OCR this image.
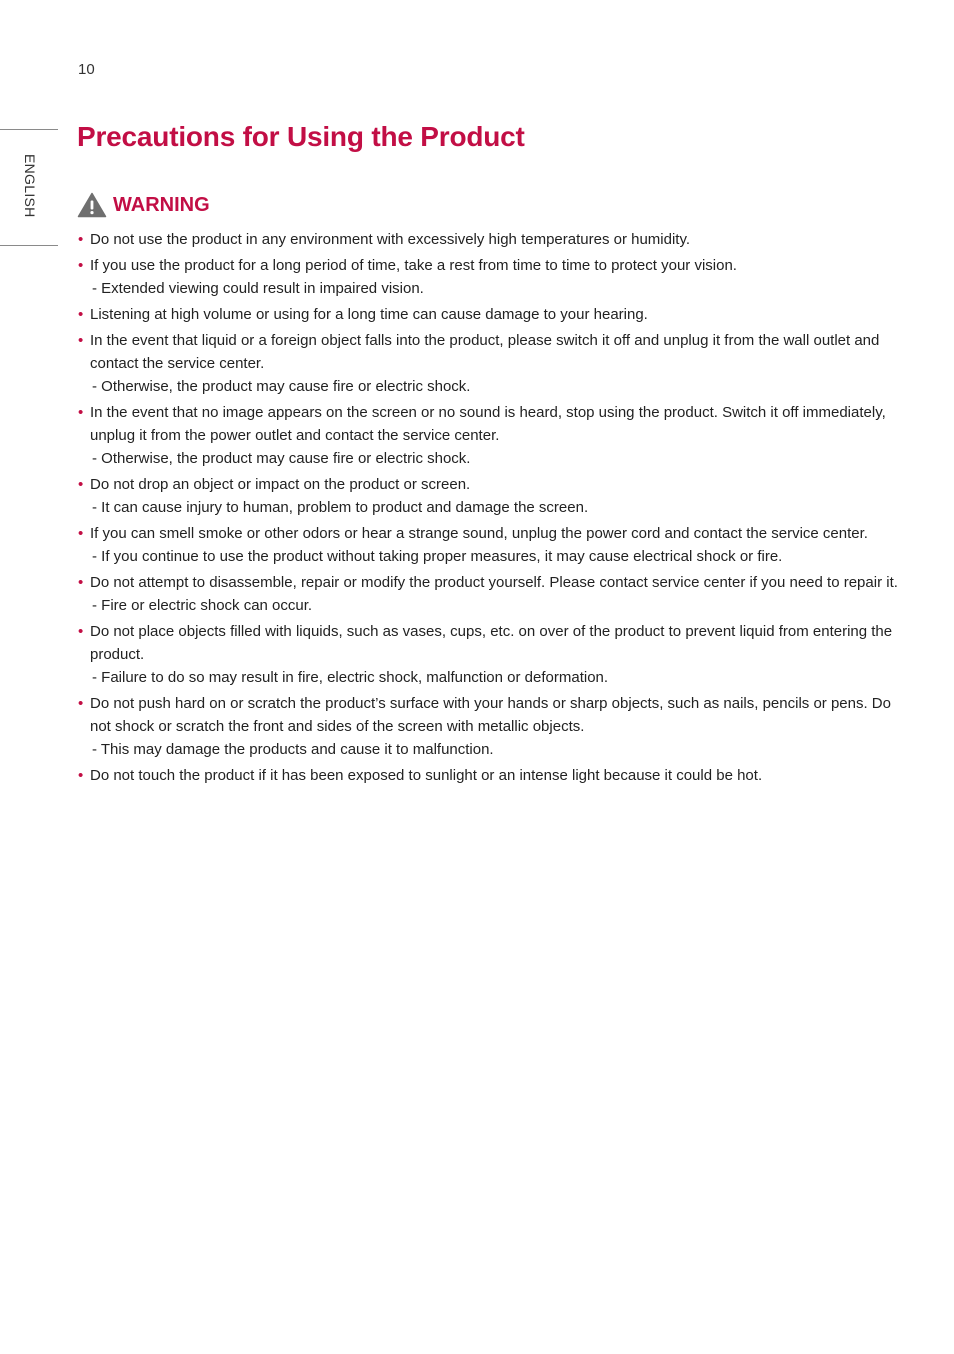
10
ENGLISH
Precautions for Using the Product
WARNING
• Do not use the product in any environment with excessively high temperatures or humidity.
• If you use the product for a long period of time, take a rest from time to time to protect your vision.
- Extended viewing could result in impaired vision.
• Listening at high volume or using for a long time can cause damage to your hearing.
• In the event that liquid or a foreign object falls into the product, please switch it off and unplug it from the wall outlet and contact the service center.
- Otherwise, the product may cause fire or electric shock.
• In the event that no image appears on the screen or no sound is heard, stop using the product. Switch it off immediately, unplug it from the power outlet and contact the service center.
- Otherwise, the product may cause fire or electric shock.
• Do not drop an object or impact on the product or screen.
- It can cause injury to human, problem to product and damage the screen.
• If you can smell smoke or other odors or hear a strange sound, unplug the power cord and contact the service center.
- If you continue to use the product without taking proper measures, it may cause electrical shock or fire.
• Do not attempt to disassemble, repair or modify the product yourself. Please contact service center if you need to repair it.
- Fire or electric shock can occur.
• Do not place objects filled with liquids, such as vases, cups, etc. on over of the product to prevent liquid from entering the product.
- Failure to do so may result in fire, electric shock, malfunction or deformation.
• Do not push hard on or scratch the product’s surface with your hands or sharp objects, such as nails, pencils or pens. Do not shock or scratch the front and sides of the screen with metallic objects.
- This may damage the products and cause it to malfunction.
• Do not touch the product if it has been exposed to sunlight or an intense light because it could be hot.
